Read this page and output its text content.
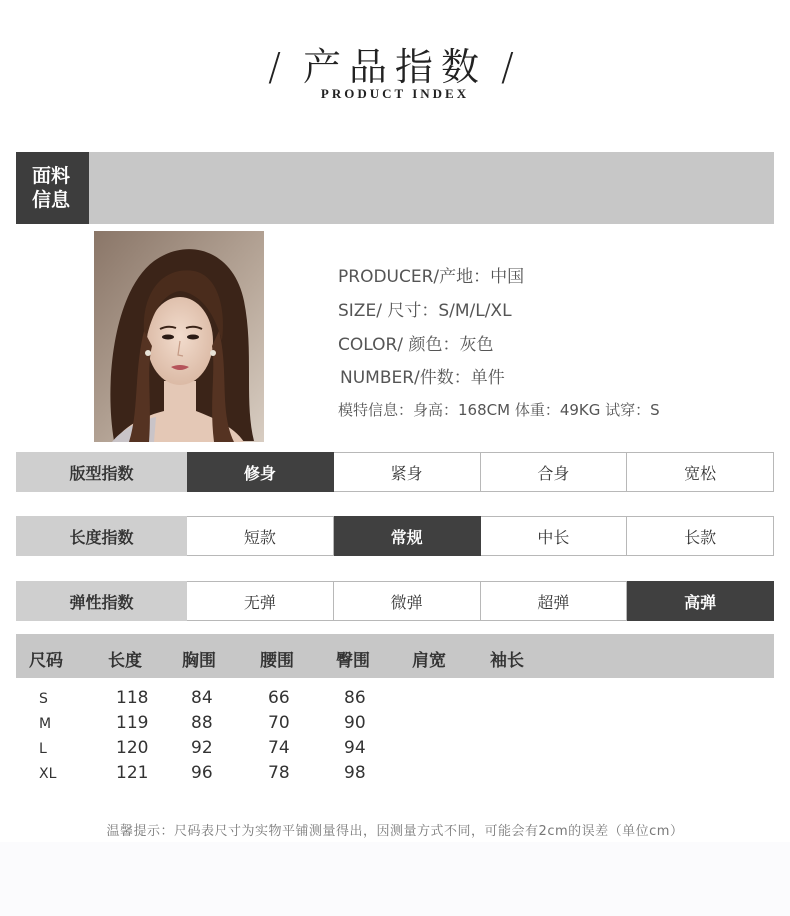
/ 产品指数 /
PRODUCT INDEX
面料
信息
PRODUCER/产地：中国
SIZE/ 尺寸：S/M/L/XL
COLOR/ 颜色：灰色
NUMBER/件数：单件
模特信息：身高：168CM 体重：49KG 试穿：S
版型指数	修身	紧身	合身	宽松
长度指数	短款	常规	中长	长款
弹性指数	无弹	微弹	超弹	高弹
尺码	长度 胸围	腰围 臀围 肩宽	袖长
S	118	84	66	86
M	119	88	70	90
L	120	92	74	94
XL	121	96	78	98
温馨提示：尺码表尺寸为实物平铺测量得出，因测量方式不同，可能会有2cm的误差（单位cm）
